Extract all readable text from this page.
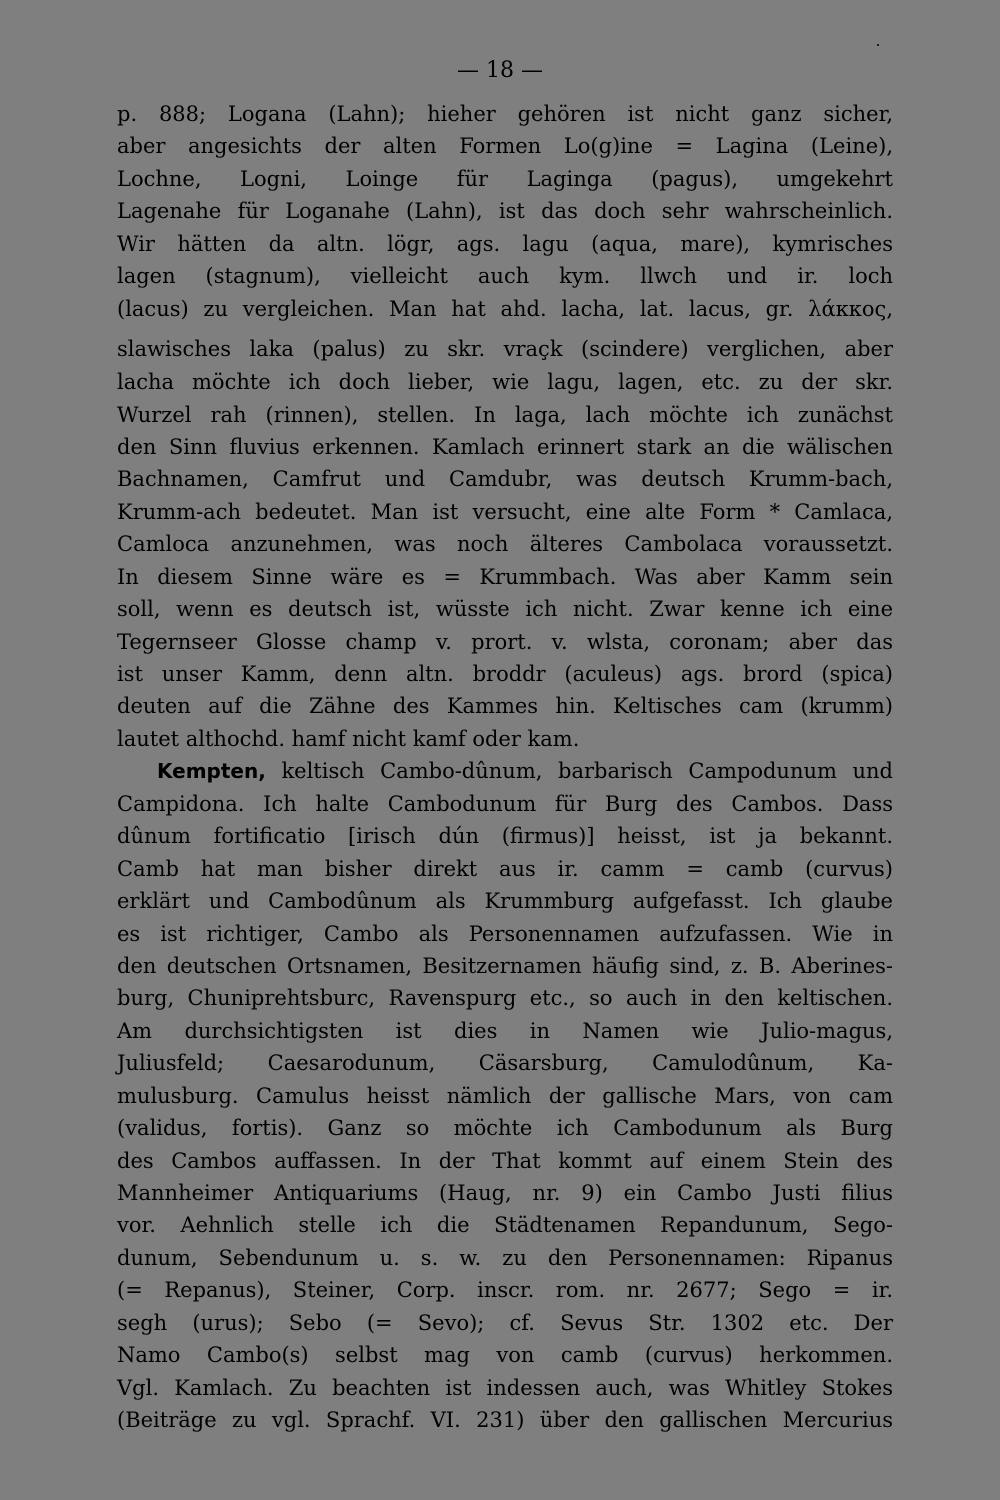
— 18 —
p. 888; Logana (Lahn); hieher gehören ist nicht ganz sicher,
aber angesichts der alten Formen Lo(g)ine = Lagina (Leine),
Lochne, Logni, Loinge für Laginga (pagus), umgekehrt
Lagenahe für Loganahe (Lahn), ist das doch sehr wahrscheinlich.
Wir hätten da altn. lögr, ags. lagu (aqua, mare), kymrisches
lagen (stagnum), vielleicht auch kym. llwch und ir. loch
(lacus) zu vergleichen. Man hat ahd. lacha, lat. lacus, gr. λάκκος,
slawisches laka (palus) zu skr. vraçk (scindere) verglichen, aber
lacha möchte ich doch lieber, wie lagu, lagen, etc. zu der skr.
Wurzel rah (rinnen), stellen. In laga, lach möchte ich zunächst
den Sinn fluvius erkennen. Kamlach erinnert stark an die wälischen
Bachnamen, Camfrut und Camdubr, was deutsch Krumm-bach,
Krumm-ach bedeutet. Man ist versucht, eine alte Form * Camlaca,
Camloca anzunehmen, was noch älteres Cambolaca voraussetzt.
In diesem Sinne wäre es = Krummbach. Was aber Kamm sein
soll, wenn es deutsch ist, wüsste ich nicht. Zwar kenne ich eine
Tegernseer Glosse champ v. prort. v. wlsta, coronam; aber das
ist unser Kamm, denn altn. broddr (aculeus) ags. brord (spica)
deuten auf die Zähne des Kammes hin. Keltisches cam (krumm)
lautet althochd. hamf nicht kamf oder kam.
Kempten, keltisch Cambo-dûnum, barbarisch Campodunum und
Campidona. Ich halte Cambodunum für Burg des Cambos. Dass
dûnum fortificatio [irisch dún (firmus)] heisst, ist ja bekannt.
Camb hat man bisher direkt aus ir. camm = camb (curvus)
erklärt und Cambodûnum als Krummburg aufgefasst. Ich glaube
es ist richtiger, Cambo als Personennamen aufzufassen. Wie in
den deutschen Ortsnamen, Besitzernamen häufig sind, z. B. Aberines-
burg, Chuniprehtsburc, Ravenspurg etc., so auch in den keltischen.
Am durchsichtigsten ist dies in Namen wie Julio-magus,
Juliusfeld; Caesarodunum, Cäsarsburg, Camulodûnum, Ka-
mulusburg. Camulus heisst nämlich der gallische Mars, von cam
(validus, fortis). Ganz so möchte ich Cambodunum als Burg
des Cambos auffassen. In der That kommt auf einem Stein des
Mannheimer Antiquariums (Haug, nr. 9) ein Cambo Justi filius
vor. Aehnlich stelle ich die Städtenamen Repandunum, Sego-
dunum, Sebendunum u. s. w. zu den Personennamen: Ripanus
(= Repanus), Steiner, Corp. inscr. rom. nr. 2677; Sego = ir.
segh (urus); Sebo (= Sevo); cf. Sevus Str. 1302 etc. Der
Namo Cambo(s) selbst mag von camb (curvus) herkommen.
Vgl. Kamlach. Zu beachten ist indessen auch, was Whitley Stokes
(Beiträge zu vgl. Sprachf. VI. 231) über den gallischen Mercurius
